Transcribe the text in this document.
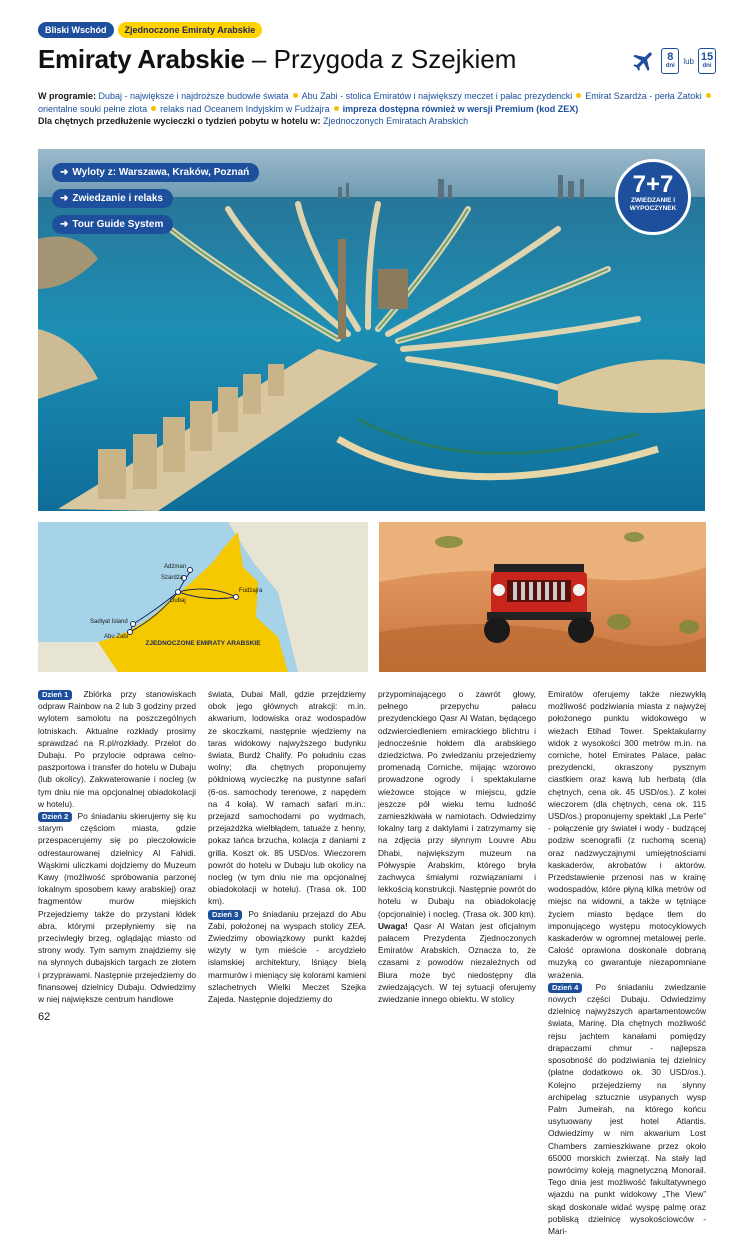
Bliski Wschód	Zjednoczone Emiraty Arabskie
Emiraty Arabskie – Przygoda z Szejkiem	8
dni
lub 15
dni
W programie: Dubaj - największe i najdroższe budowle świata Abu Zabi - stolica Emiratów i największy meczet i pałac prezydencki Emirat Szardża - perła Zatokiorientalne souki pełne złota relaks nad Oceanem Indyjskim w Fudżajra impreza dostępna również w wersji Premium (kod ZEX)
Dla chętnych przedłużenie wycieczki o tydzień pobytu w hotelu w: Zjednoczonych Emiratach Arabskich
➜ Wyloty z: Warszawa, Kraków, Poznań
➜ Zwiedzanie i relaks
➜ Tour Guide System
7+7
ZWIEDZANIE I WYPOCZYNEK
Adżman
Szardża
Dubaj
Fudżajra
Sadiyat Island
Abu Zabi
ZJEDNOCZONE EMIRATY ARABSKIE
Dzień 1 Zbiórka przy stanowiskach odpraw Rainbow na 2 lub 3 godziny przed wylotem samolotu na poszczególnych lotniskach. Aktualne rozkłady prosimy sprawdzać na R.pl/rozkłady. Przelot do Dubaju. Po przylocie odprawa celno-paszportowa i transfer do hotelu w Dubaju (lub okolicy). Zakwaterowanie i nocleg (w tym dniu nie ma opcjonalnej obiadokolacji w hotelu).
Dzień 2 Po śniadaniu skierujemy się ku starym częściom miasta, gdzie przespacerujemy się po pieczołowicie odrestaurowanej dzielnicy Al Fahidi. Wąskimi uliczkami dojdziemy do Muzeum Kawy (możliwość spróbowania parzonej lokalnym sposobem kawy arabskiej) oraz fragmentów murów miejskich Przejedziemy także do przystani łódek abra, którymi przepłyniemy się na przeciwległy brzeg, oglądając miasto od strony wody. Tym samym znajdziemy się na słynnych dubajskich targach ze złotem i przyprawami. Następnie przejedziemy do finansowej dzielnicy Dubaju. Odwiedzimy w niej największe centrum handlowe
świata, Dubai Mall, gdzie przejdziemy obok jego głównych atrakcji: m.in. akwarium, lodowiska oraz wodospadów ze skoczkami, następnie wjedziemy na taras widokowy najwyższego budynku świata, Burdż Chalify. Po południu czas wolny; dla chętnych proponujemy półdniową wycieczkę na pustynne safari (6-os. samochody terenowe, z napędem na 4 koła). W ramach safari m.in.: przejazd samochodami po wydmach, przejażdżka wielbłądem, tatuaże z henny, pokaz tańca brzucha, kolacja z daniami z grilla. Koszt ok. 85 USD/os. Wieczorem powrót do hotelu w Dubaju lub okolicy na nocleg (w tym dniu nie ma opcjonalnej obiadokolacji w hotelu). (Trasa ok. 100 km).
Dzień 3 Po śniadaniu przejazd do Abu Zabi, położonej na wyspach stolicy ZEA. Zwiedzimy obowiązkowy punkt każdej wizyty w tym mieście - arcydzieło islamskiej architektury, lśniący bielą marmurów i mieniący się kolorami kamieni szlachetnych Wielki Meczet Szejka Zajeda. Następnie dojedziemy do
przypominającego o zawrót głowy, pełnego przepychu pałacu prezydenckiego Qasr Al Watan, będącego odzwierciedleniem emirackiego blichtru i jednocześnie hołdem dla arabskiego dziedzictwa. Po zwiedzaniu przejedziemy promenadą Corniche, mijając wzorowo prowadzone ogrody i spektakularne wieżowce stojące w miejscu, gdzie jeszcze pół wieku temu ludność zamieszkiwała w namiotach. Odwiedzimy lokalny targ z daktylami i zatrzymamy się na zdjęcia przy słynnym Louvre Abu Dhabi, największym muzeum na Półwyspie Arabskim, którego bryła zachwyca śmiałymi rozwiązaniami i lekkością konstrukcji. Następnie powrót do hotelu w Dubaju na obiadokolację (opcjonalnie) i nocleg. (Trasa ok. 300 km). Uwaga! Qasr Al Watan jest oficjalnym pałacem Prezydenta Zjednoczonych Emiratów Arabskich. Oznacza to, że czasami z powodów niezależnych od Biura może być niedostępny dla zwiedzających. W tej sytuacji oferujemy zwiedzanie innego obiektu. W stolicy
Emiratów oferujemy także niezwykłą możliwość podziwiania miasta z najwyżej położonego punktu widokowego w wieżach Etihad Tower. Spektakularny widok z wysokości 300 metrów m.in. na corniche, hotel Emirates Palace, pałac prezydencki, okraszony pysznym ciastkiem oraz kawą lub herbatą (dla chętnych, cena ok. 45 USD/os.). Z kolei wieczorem (dla chętnych, cena ok. 115 USD/os.) proponujemy spektakl „La Perle” - połączenie gry świateł i wody - budzącej podziw scenografii (z ruchomą sceną) oraz nadzwyczajnymi umiejętnościami kaskaderów, akrobatów i aktorów. Przedstawienie przenosi nas w krainę wodospadów, które płyną kilka metrów od miejsc na widowni, a także w tętniące życiem miasto będące tłem do imponującego występu motocyklowych kaskaderów w ogromnej metalowej perle. Całość oprawiona doskonale dobraną muzyką co gwarantuje niezapomniane wrażenia.
Dzień 4 Po śniadaniu zwiedzanie nowych części Dubaju. Odwiedzimy dzielnicę najwyższych apartamentowców świata, Marinę. Dla chętnych możliwość rejsu jachtem kanałami pomiędzy drapaczami chmur - najlepsza sposobność do podziwiania tej dzielnicy (płatne dodatkowo ok. 30 USD/os.). Kolejno przejedziemy na słynny archipelag sztucznie usypanych wysp Palm Jumeirah, na którego końcu usytuowany jest hotel Atlantis. Odwiedzimy w nim akwarium Lost Chambers zamieszkiwane przez około 65000 morskich zwierząt. Na stały ląd powrócimy koleją magnetyczną Monorail. Tego dnia jest możliwość fakultatywnego wjazdu na punkt widokowy „The View” skąd doskonale widać wyspę palmę oraz pobliską dzielnicę wysokościowców - Mari-
62
